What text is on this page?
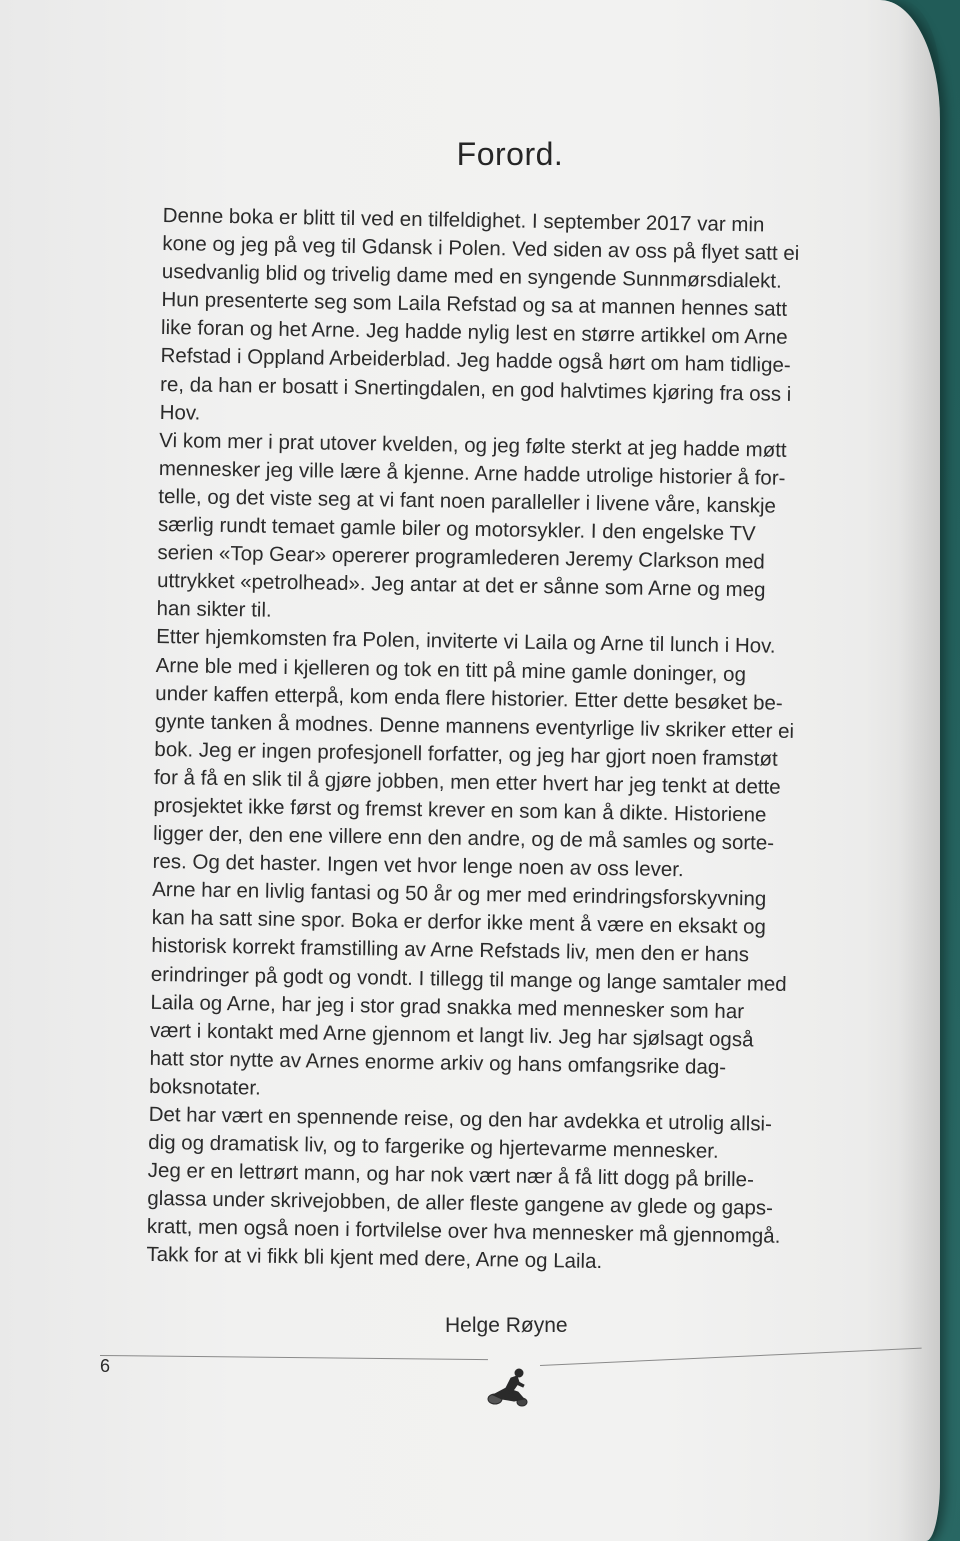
Forord.
Denne boka er blitt til ved en tilfeldighet. I september 2017 var min
kone og jeg på veg til Gdansk i Polen. Ved siden av oss på flyet satt ei
usedvanlig blid og trivelig dame med en syngende Sunnmørsdialekt.
Hun presenterte seg som Laila Refstad og sa at mannen hennes satt
like foran og het Arne. Jeg hadde nylig lest en større artikkel om Arne
Refstad i Oppland Arbeiderblad. Jeg hadde også hørt om ham tidlige-
re, da han er bosatt i Snertingdalen, en god halvtimes kjøring fra oss i
Hov.
Vi kom mer i prat utover kvelden, og jeg følte sterkt at jeg hadde møtt
mennesker jeg ville lære å kjenne. Arne hadde utrolige historier å for-
telle, og det viste seg at vi fant noen paralleller i livene våre, kanskje
særlig rundt temaet gamle biler og motorsykler. I den engelske TV
serien «Top Gear» opererer programlederen Jeremy Clarkson med
uttrykket «petrolhead». Jeg antar at det er sånne som Arne og meg
han sikter til.
Etter hjemkomsten fra Polen, inviterte vi Laila og Arne til lunch i Hov.
Arne ble med i kjelleren og tok en titt på mine gamle doninger, og
under kaffen etterpå, kom enda flere historier. Etter dette besøket be-
gynte tanken å modnes. Denne mannens eventyrlige liv skriker etter ei
bok. Jeg er ingen profesjonell forfatter, og jeg har gjort noen framstøt
for å få en slik til å gjøre jobben, men etter hvert har jeg tenkt at dette
prosjektet ikke først og fremst krever en som kan å dikte. Historiene
ligger der, den ene villere enn den andre, og de må samles og sorte-
res. Og det haster. Ingen vet hvor lenge noen av oss lever.
Arne har en livlig fantasi og 50 år og mer med erindringsforskyvning
kan ha satt sine spor. Boka er derfor ikke ment å være en eksakt og
historisk korrekt framstilling av Arne Refstads liv, men den er hans
erindringer på godt og vondt. I tillegg til mange og lange samtaler med
Laila og Arne, har jeg i stor grad snakka med mennesker som har
vært i kontakt med Arne gjennom et langt liv. Jeg har sjølsagt også
hatt stor nytte av Arnes enorme arkiv og hans omfangsrike dag-
boksnotater.
Det har vært en spennende reise, og den har avdekka et utrolig allsi-
dig og dramatisk liv, og to fargerike og hjertevarme mennesker.
Jeg er en lettrørt mann, og har nok vært nær å få litt dogg på brille-
glassa under skrivejobben, de aller fleste gangene av glede og gaps-
kratt, men også noen i fortvilelse over hva mennesker må gjennomgå.
Takk for at vi fikk bli kjent med dere, Arne og Laila.
Helge Røyne
6
